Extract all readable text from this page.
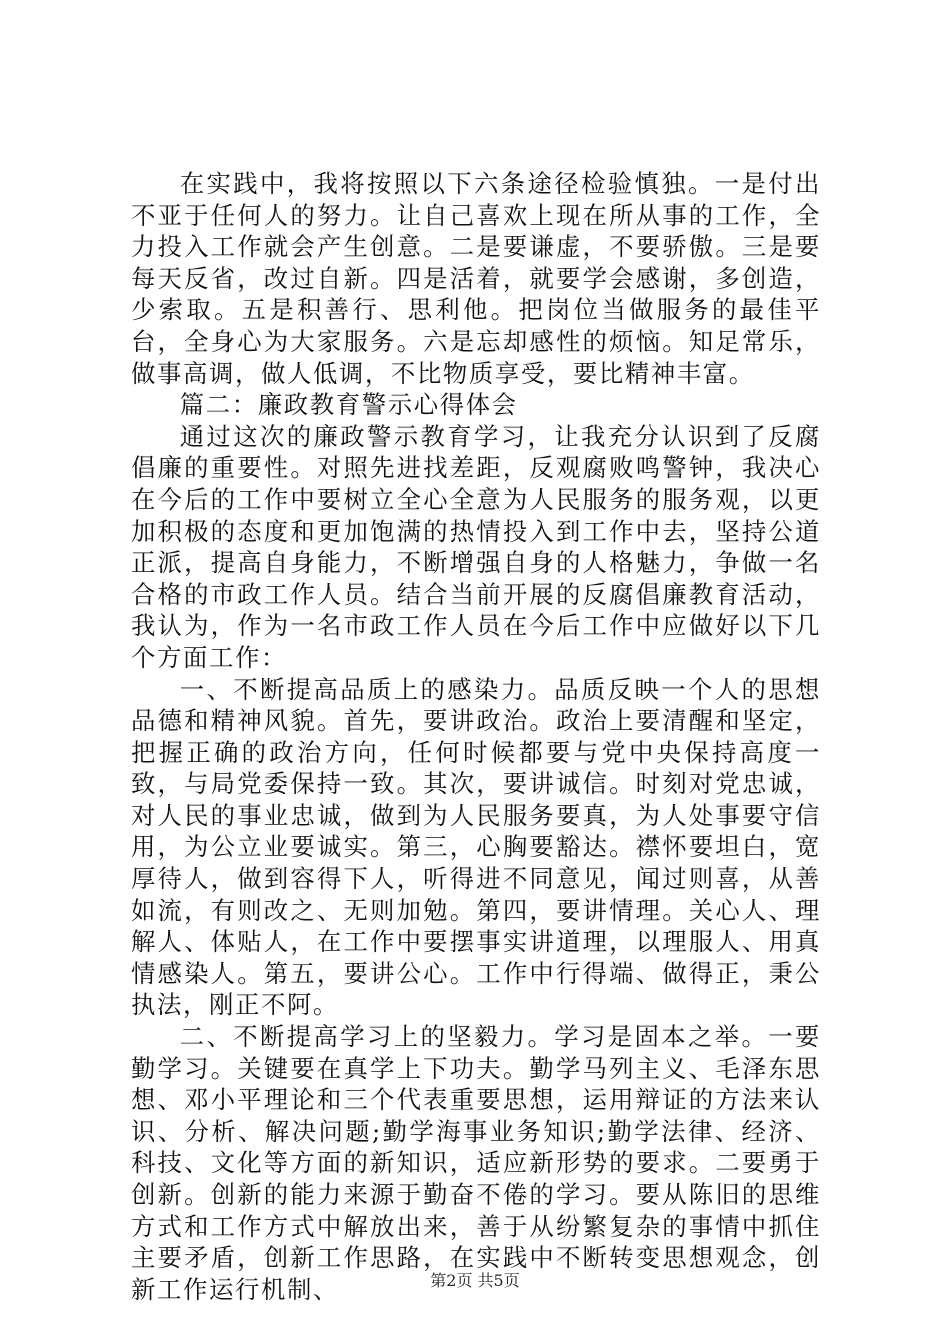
在实践中，我将按照以下六条途径检验慎独。一是付出不亚于任何人的努力。让自己喜欢上现在所从事的工作，全力投入工作就会产生创意。二是要谦虚，不要骄傲。三是要每天反省，改过自新。四是活着，就要学会感谢，多创造，少索取。五是积善行、思利他。把岗位当做服务的最佳平台，全身心为大家服务。六是忘却感性的烦恼。知足常乐，做事高调，做人低调，不比物质享受，要比精神丰富。

篇二：廉政教育警示心得体会

通过这次的廉政警示教育学习，让我充分认识到了反腐倡廉的重要性。对照先进找差距，反观腐败鸣警钟，我决心在今后的工作中要树立全心全意为人民服务的服务观，以更加积极的态度和更加饱满的热情投入到工作中去，坚持公道正派，提高自身能力，不断增强自身的人格魅力，争做一名合格的市政工作人员。结合当前开展的反腐倡廉教育活动，我认为，作为一名市政工作人员在今后工作中应做好以下几个方面工作：

一、不断提高品质上的感染力。品质反映一个人的思想品德和精神风貌。首先，要讲政治。政治上要清醒和坚定，把握正确的政治方向，任何时候都要与党中央保持高度一致，与局党委保持一致。其次，要讲诚信。时刻对党忠诚，对人民的事业忠诚，做到为人民服务要真，为人处事要守信用，为公立业要诚实。第三，心胸要豁达。襟怀要坦白，宽厚待人，做到容得下人，听得进不同意见，闻过则喜，从善如流，有则改之、无则加勉。第四，要讲情理。关心人、理解人、体贴人，在工作中要摆事实讲道理，以理服人、用真情感染人。第五，要讲公心。工作中行得端、做得正，秉公执法，刚正不阿。

二、不断提高学习上的坚毅力。学习是固本之举。一要勤学习。关键要在真学上下功夫。勤学马列主义、毛泽东思想、邓小平理论和三个代表重要思想，运用辩证的方法来认识、分析、解决问题;勤学海事业务知识;勤学法律、经济、科技、文化等方面的新知识，适应新形势的要求。二要勇于创新。创新的能力来源于勤奋不倦的学习。要从陈旧的思维方式和工作方式中解放出来，善于从纷繁复杂的事情中抓住主要矛盾，创新工作思路，在实践中不断转变思想观念，创新工作运行机制、	第2页 共5页
